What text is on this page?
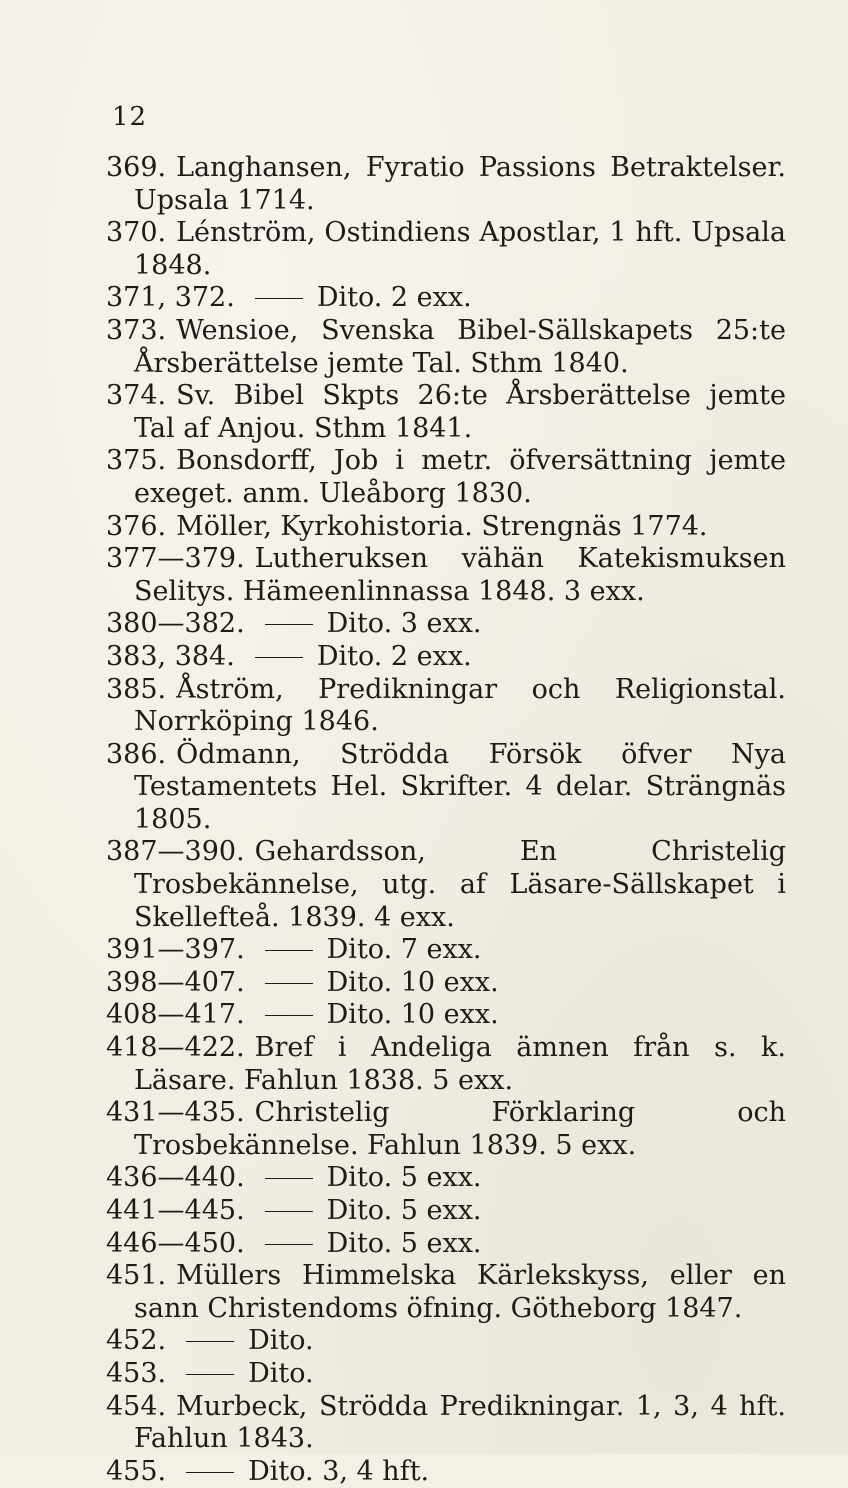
12

369. Langhansen, Fyratio Passions Betraktelser. Upsala 1714.

370. Lénström, Ostindiens Apostlar, 1 hft. Upsala 1848.

371, 372.	Dito. 2 exx.

373. Wensioe, Svenska Bibel-Sällskapets 25:te Årsberättelse jemte Tal. Sthm 1840.

374. Sv. Bibel Skpts 26:te Årsberättelse jemte Tal af Anjou. Sthm 1841.

375. Bonsdorff, Job i metr. öfversättning jemte exeget. anm. Uleåborg 1830.

376. Möller, Kyrkohistoria. Strengnäs 1774.

377—379. Lutheruksen vähän Katekismuksen Selitys. Hämeenlinnassa 1848. 3 exx.

380—382.	Dito. 3 exx.

383, 384.	Dito. 2 exx.

385. Åström, Predikningar och Religionstal. Norrköping 1846.

386. Ödmann, Strödda Försök öfver Nya Testamentets Hel. Skrifter. 4 delar. Strängnäs 1805.

387—390. Gehardsson, En Christelig Trosbekännelse, utg. af Läsare-Sällskapet i Skellefteå. 1839. 4 exx.

391—397.	Dito. 7 exx.

398—407.	Dito. 10 exx.

408—417.	Dito. 10 exx.

418—422. Bref i Andeliga ämnen från s. k. Läsare. Fahlun 1838. 5 exx.

431—435. Christelig Förklaring och Trosbekännelse. Fahlun 1839. 5 exx.

436—440.	Dito. 5 exx.

441—445.	Dito. 5 exx.

446—450.	Dito. 5 exx.

451. Müllers Himmelska Kärlekskyss, eller en sann Christendoms öfning. Götheborg 1847.

452.	Dito.

453.	Dito.

454. Murbeck, Strödda Predikningar. 1, 3, 4 hft. Fahlun 1843.

455.	Dito. 3, 4 hft.
